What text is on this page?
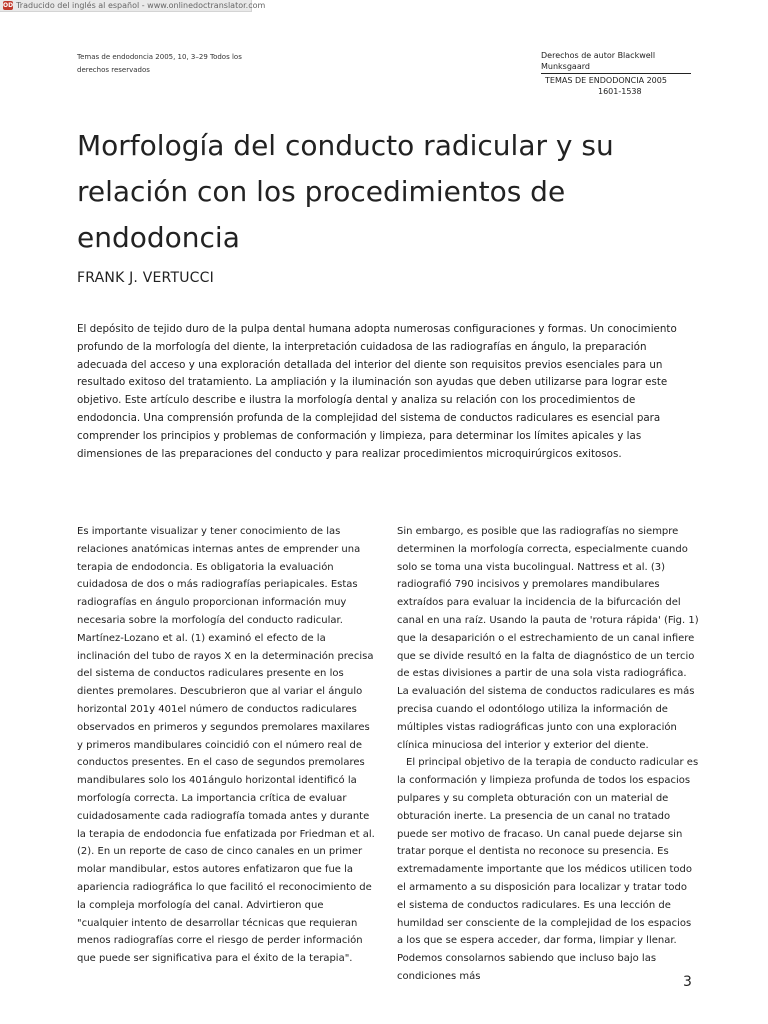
OD Traducido del inglés al español - www.onlinedoctranslator.com
Temas de endodoncia 2005, 10, 3–29 Todos los
derechos reservados
Derechos de autor Blackwell Munksgaard
TEMAS DE ENDODONCIA 2005
1601-1538
Morfología del conducto radicular y su relación con los procedimientos de endodoncia
FRANK J. VERTUCCI

El depósito de tejido duro de la pulpa dental humana adopta numerosas configuraciones y formas. Un conocimiento profundo de la morfología del diente, la interpretación cuidadosa de las radiografías en ángulo, la preparación adecuada del acceso y una exploración detallada del interior del diente son requisitos previos esenciales para un resultado exitoso del tratamiento. La ampliación y la iluminación son ayudas que deben utilizarse para lograr este objetivo. Este artículo describe e ilustra la morfología dental y analiza su relación con los procedimientos de endodoncia. Una comprensión profunda de la complejidad del sistema de conductos radiculares es esencial para comprender los principios y problemas de conformación y limpieza, para determinar los límites apicales y las dimensiones de las preparaciones del conducto y para realizar procedimientos microquirúrgicos exitosos.

Es importante visualizar y tener conocimiento de las relaciones anatómicas internas antes de emprender una terapia de endodoncia. Es obligatoria la evaluación cuidadosa de dos o más radiografías periapicales. Estas radiografías en ángulo proporcionan información muy necesaria sobre la morfología del conducto radicular. Martínez-Lozano et al. (1) examinó el efecto de la inclinación del tubo de rayos X en la determinación precisa del sistema de conductos radiculares presente en los dientes premolares. Descubrieron que al variar el ángulo horizontal 201y 401el número de conductos radiculares observados en primeros y segundos premolares maxilares y primeros mandibulares coincidió con el número real de conductos presentes. En el caso de segundos premolares mandibulares solo los 401ángulo horizontal identificó la morfología correcta. La importancia crítica de evaluar cuidadosamente cada radiografía tomada antes y durante la terapia de endodoncia fue enfatizada por Friedman et al. (2). En un reporte de caso de cinco canales en un primer molar mandibular, estos autores enfatizaron que fue la apariencia radiográfica lo que facilitó el reconocimiento de la compleja morfología del canal. Advirtieron que "cualquier intento de desarrollar técnicas que requieran menos radiografías corre el riesgo de perder información que puede ser significativa para el éxito de la terapia".

Sin embargo, es posible que las radiografías no siempre determinen la morfología correcta, especialmente cuando solo se toma una vista bucolingual. Nattress et al. (3) radiografió 790 incisivos y premolares mandibulares extraídos para evaluar la incidencia de la bifurcación del canal en una raíz. Usando la pauta de 'rotura rápida' (Fig. 1) que la desaparición o el estrechamiento de un canal infiere que se divide resultó en la falta de diagnóstico de un tercio de estas divisiones a partir de una sola vista radiográfica. La evaluación del sistema de conductos radiculares es más precisa cuando el odontólogo utiliza la información de múltiples vistas radiográficas junto con una exploración clínica minuciosa del interior y exterior del diente.

El principal objetivo de la terapia de conducto radicular es la conformación y limpieza profunda de todos los espacios pulpares y su completa obturación con un material de obturación inerte. La presencia de un canal no tratado puede ser motivo de fracaso. Un canal puede dejarse sin tratar porque el dentista no reconoce su presencia. Es extremadamente importante que los médicos utilicen todo el armamento a su disposición para localizar y tratar todo el sistema de conductos radiculares. Es una lección de humildad ser consciente de la complejidad de los espacios a los que se espera acceder, dar forma, limpiar y llenar. Podemos consolarnos sabiendo que incluso bajo las condiciones más	3
